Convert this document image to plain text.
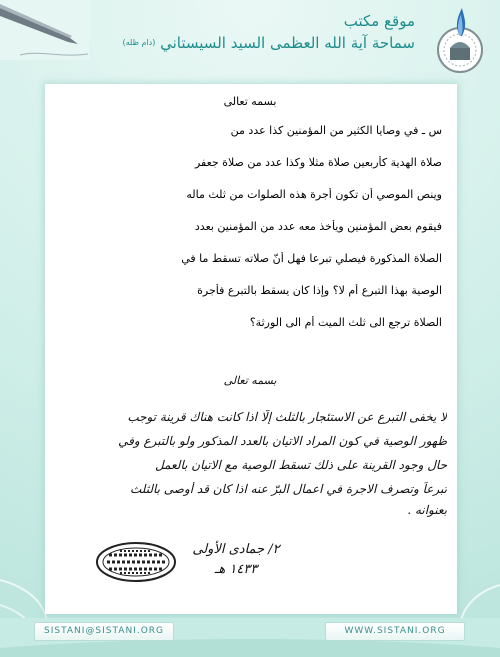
موقع مكتب
سماحة آية الله العظمى السيد السيستاني $^{(دام ظله)}$
بسمه تعالى
س ـ في وصايا الكثير من المؤمنين كذا عدد من
صلاة الهدية كأربعين صلاة مثلا وكذا عدد من صلاة جعفر
وينص الموصي أن تكون أجرة هذه الصلوات من ثلث ماله
فيقوم بعض المؤمنين ويأخذ معه عدد من المؤمنين بعدد
الصلاة المذكورة فيصلي تبرعا فهل أنّ صلاته تسقط ما في
الوصية بهذا التبرع أم لا؟ وإذا كان يسقط بالتبرع فأجرة
الصلاة ترجع الى ثلث الميت أم الى الورثة؟
بسمه تعالى
لا يخفى التبرع عن الاستئجار بالثلث إلّا اذا كانت هناك قرينة توجب
ظهور الوصية في كون المراد الاتيان بالعدد المذكور ولو بالتبرع وفي
حال وجود القرينة على ذلك تسقط الوصية مع الاتيان بالعمل
تبرعاً وتصرف الاجرة في اعمال البرّ عنه اذا كان قد أوصى بالثلث
بعنوانه .
٢/ جمادى الأولى
١٤٣٣ هـ
SISTANI@SISTANI.ORG	WWW.SISTANI.ORG
